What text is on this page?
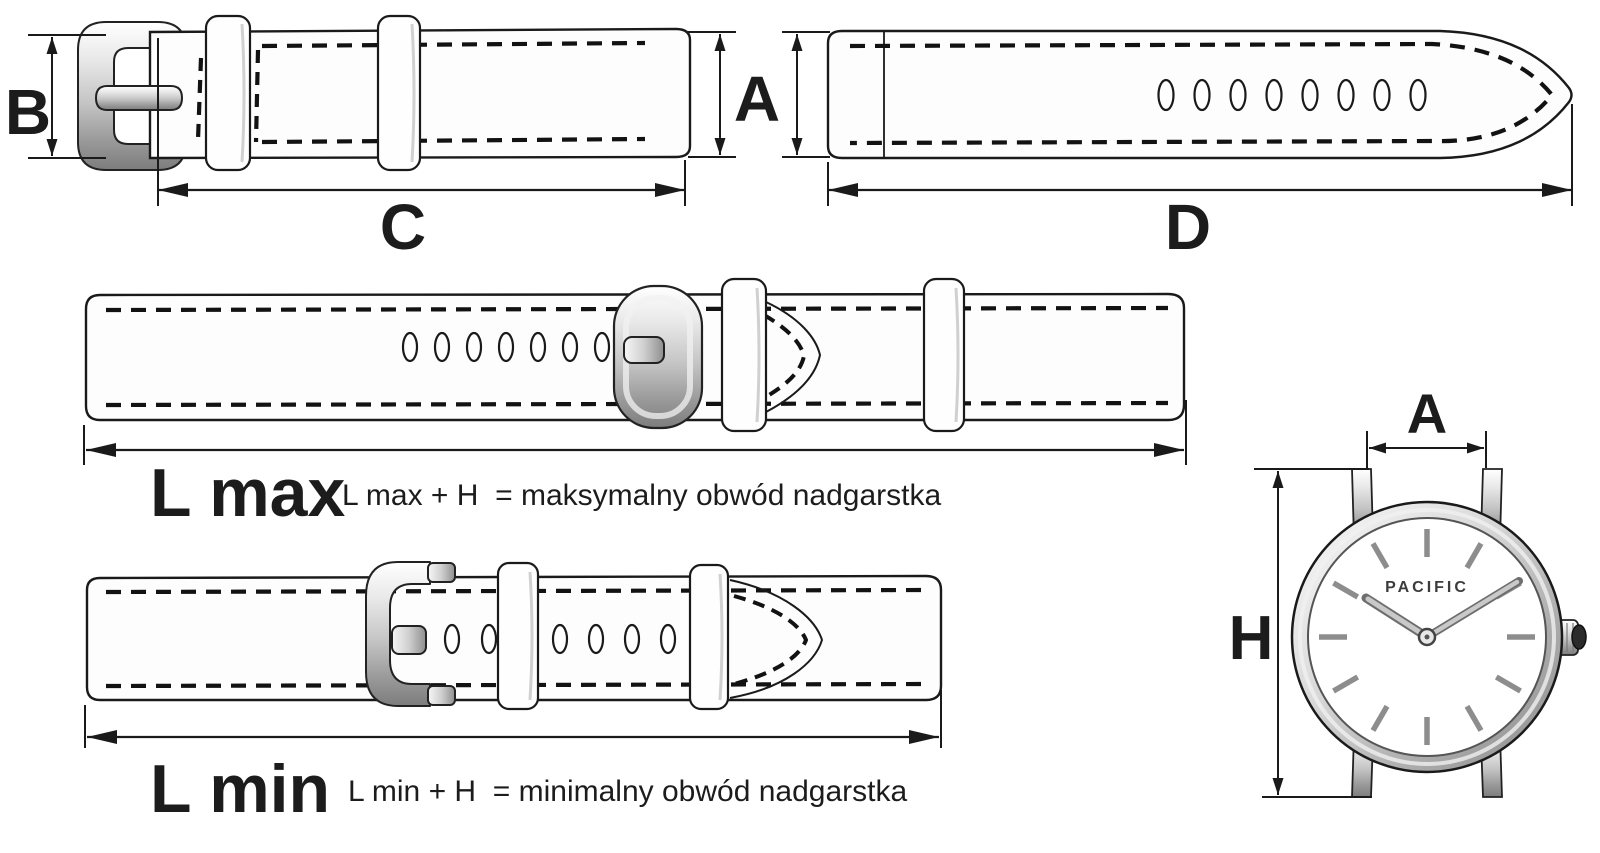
B	A
C	D
L max
L max + H  = maksymalny obwód nadgarstka
L min L min + H  = minimalny obwód nadgarstka
PACIFIC
A
H
